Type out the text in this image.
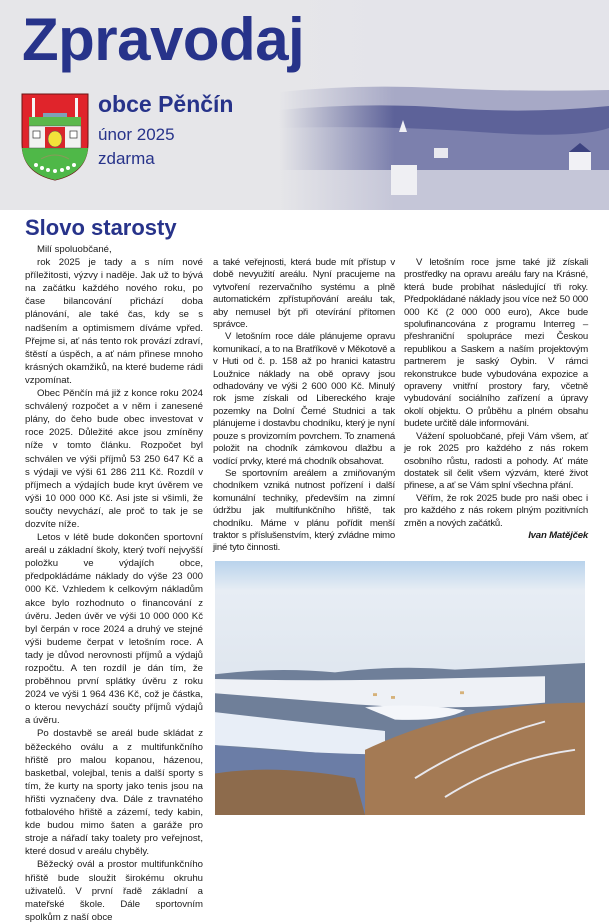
Zpravodaj
obce Pěnčín
únor 2025
zdarma
Slovo starosty

Milí spoluobčané,

rok 2025 je tady a s ním nové příležitosti, výzvy i naděje. Jak už to bývá na začátku každého nového roku, po čase bilancování přichází doba plánování, ale také čas, kdy se s nadšením a optimismem díváme vpřed. Přejme si, ať nás tento rok provází zdraví, štěstí a úspěch, a ať nám přinese mnoho krásných okamžiků, na které budeme rádi vzpomínat.

Obec Pěnčín má již z konce roku 2024 schválený rozpočet a v něm i zanesené plány, do čeho bude obec investovat v roce 2025. Důležité akce jsou zmíněny níže v tomto článku. Rozpočet byl schválen ve výši příjmů 53 250 647 Kč a s výdaji ve výši 61 286 211 Kč. Rozdíl v příjmech a výdajích bude kryt úvěrem ve výši 10 000 000 Kč. Asi jste si všimli, že součty nevychází, ale proč to tak je se dozvíte níže.

Letos v létě bude dokončen sportovní areál u základní školy, který tvoří nejvyšší položku ve výdajích obce, předpokládáme náklady do výše 23 000 000 Kč. Vzhledem k celkovým nákladům akce bylo rozhodnuto o financování z úvěru. Jeden úvěr ve výši 10 000 000 Kč byl čerpán v roce 2024 a druhý ve stejné výši budeme čerpat v letošním roce. A tady je důvod nerovnosti příjmů a výdajů rozpočtu. A ten rozdíl je dán tím, že proběhnou první splátky úvěru z roku 2024 ve výši 1 964 436 Kč, což je částka, o kterou nevychází součty příjmů výdajů a úvěru.

Po dostavbě se areál bude skládat z běžeckého oválu a z multifunkčního hřiště pro malou kopanou, házenou, basketbal, volejbal, tenis a další sporty s tím, že kurty na sporty jako tenis jsou na hřišti vyznačeny dva. Dále z travnatého fotbalového hřiště a zázemí, tedy kabin, kde budou mimo šaten a garáže pro stroje a nářadí taky toalety pro veřejnost, které dosud v areálu chyběly.

Běžecký ovál a prostor multifunkčního hřiště bude sloužit širokému okruhu uživatelů. V první řadě základní a mateřské škole. Dále sportovním spolkům z naší obce

a také veřejnosti, která bude mít přístup v době nevyužití areálu. Nyní pracujeme na vytvoření rezervačního systému a plně automatickém zpřístupňování areálu tak, aby nemusel být při otevírání přítomen správce.

V letošním roce dále plánujeme opravu komunikací, a to na Bratříkově v Měkotově a v Huti od č. p. 158 až po hranici katastru Loužnice náklady na obě opravy jsou odhadovány ve výši 2 600 000 Kč. Minulý rok jsme získali od Libereckého kraje pozemky na Dolní Černé Studnici a tak plánujeme i dostavbu chodníku, který je nyní pouze s provizorním povrchem. To znamená položit na chodník zámkovou dlažbu a vodící prvky, které má chodník obsahovat.

Se sportovním areálem a zmiňovaným chodníkem vzniká nutnost pořízení i další komunální techniky, především na zimní údržbu jak multifunkčního hřiště, tak chodníku. Máme v plánu pořídit menší traktor s příslušenstvím, který zvládne mimo jiné tyto činnosti.

V letošním roce jsme také již získali prostředky na opravu areálu fary na Krásné, která bude probíhat následující tři roky. Předpokládané náklady jsou více než 50 000 000 Kč (2 000 000 euro), Akce bude spolufinancována z programu Interreg – přeshraniční spolupráce mezi Českou republikou a Saskem a naším projektovým partnerem je saský Oybin. V rámci rekonstrukce bude vybudována expozice a opraveny vnitřní prostory fary, včetně vybudování sociálního zařízení a úpravy okolí objektu. O průběhu a plném obsahu budete určitě dále informováni.

Vážení spoluobčané, přeji Vám všem, ať je rok 2025 pro každého z nás rokem osobního růstu, radosti a pohody. Ať máte dostatek sil čelit všem výzvám, které život přinese, a ať se Vám splní všechna přání.

Věřím, že rok 2025 bude pro naši obec i pro každého z nás rokem plným pozitivních změn a nových začátků.

Ivan Matějček
